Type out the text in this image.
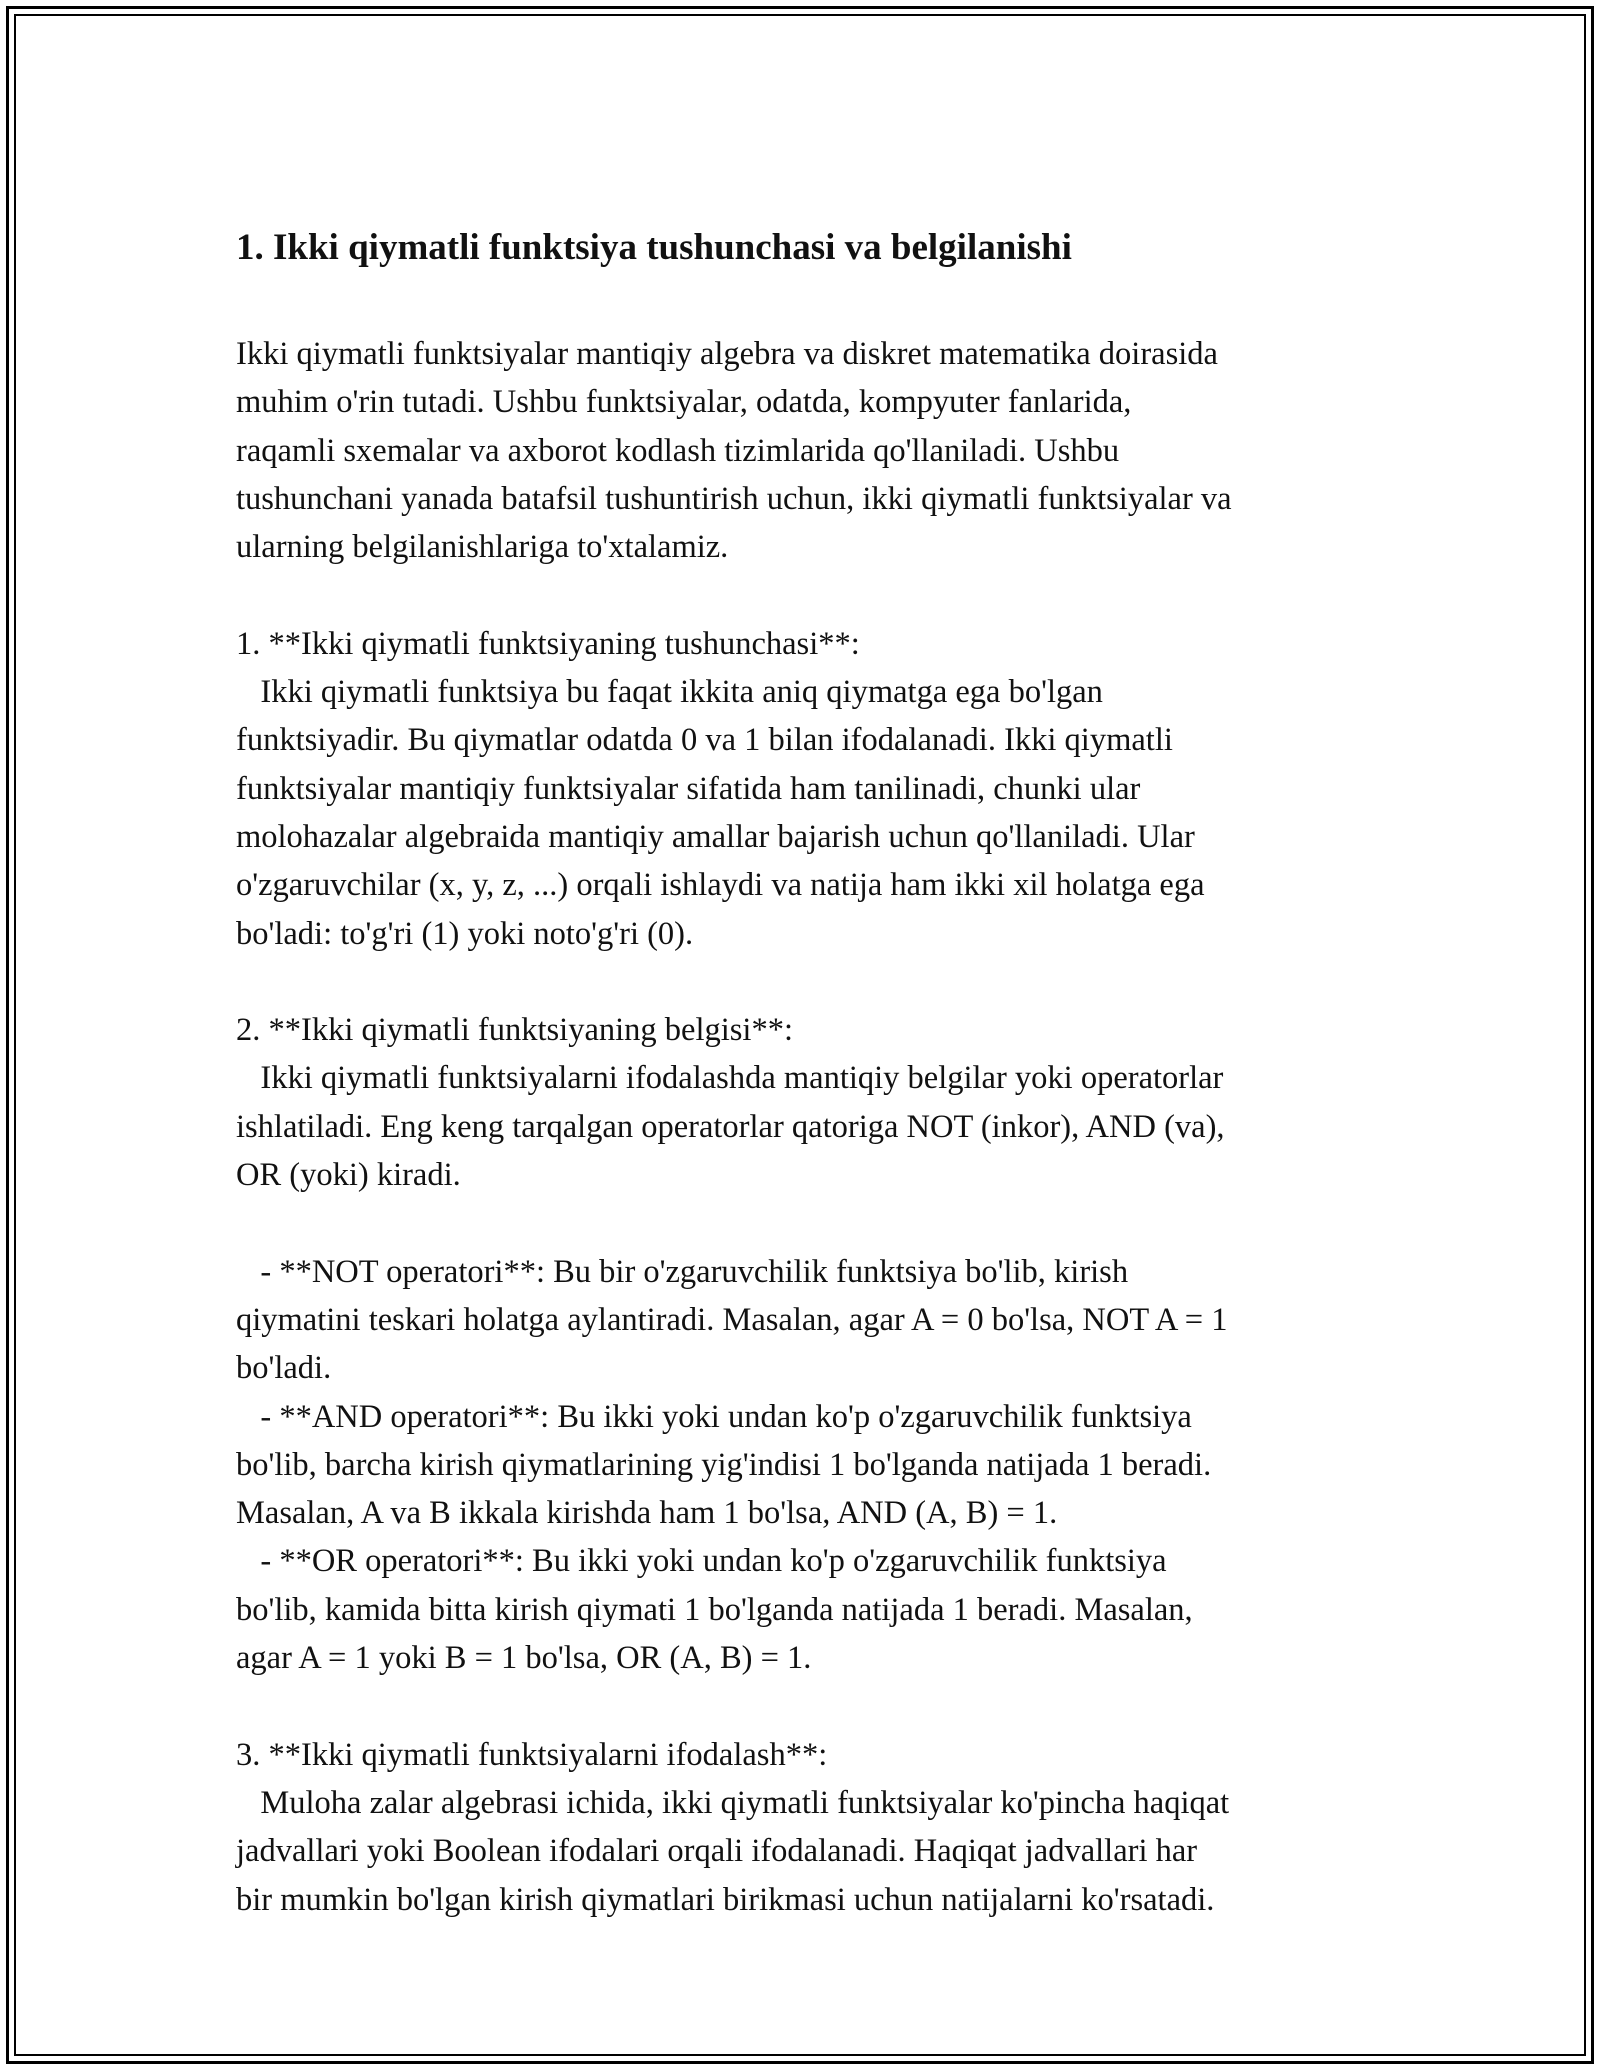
1. Ikki qiymatli funktsiya tushunchasi va belgilanishi

Ikki qiymatli funktsiyalar mantiqiy algebra va diskret matematika doirasida
muhim o'rin tutadi. Ushbu funktsiyalar, odatda, kompyuter fanlarida,
raqamli sxemalar va axborot kodlash tizimlarida qo'llaniladi. Ushbu
tushunchani yanada batafsil tushuntirish uchun, ikki qiymatli funktsiyalar va
ularning belgilanishlariga to'xtalamiz.

1. **Ikki qiymatli funktsiyaning tushunchasi**:
Ikki qiymatli funktsiya bu faqat ikkita aniq qiymatga ega bo'lgan
funktsiyadir. Bu qiymatlar odatda 0 va 1 bilan ifodalanadi. Ikki qiymatli
funktsiyalar mantiqiy funktsiyalar sifatida ham tanilinadi, chunki ular
molohazalar algebraida mantiqiy amallar bajarish uchun qo'llaniladi. Ular
o'zgaruvchilar (x, y, z, ...) orqali ishlaydi va natija ham ikki xil holatga ega
bo'ladi: to'g'ri (1) yoki noto'g'ri (0).

2. **Ikki qiymatli funktsiyaning belgisi**:
Ikki qiymatli funktsiyalarni ifodalashda mantiqiy belgilar yoki operatorlar
ishlatiladi. Eng keng tarqalgan operatorlar qatoriga NOT (inkor), AND (va),
OR (yoki) kiradi.

- **NOT operatori**: Bu bir o'zgaruvchilik funktsiya bo'lib, kirish
qiymatini teskari holatga aylantiradi. Masalan, agar A = 0 bo'lsa, NOT A = 1
bo'ladi.
- **AND operatori**: Bu ikki yoki undan ko'p o'zgaruvchilik funktsiya
bo'lib, barcha kirish qiymatlarining yig'indisi 1 bo'lganda natijada 1 beradi.
Masalan, A va B ikkala kirishda ham 1 bo'lsa, AND (A, B) = 1.
- **OR operatori**: Bu ikki yoki undan ko'p o'zgaruvchilik funktsiya
bo'lib, kamida bitta kirish qiymati 1 bo'lganda natijada 1 beradi. Masalan,
agar A = 1 yoki B = 1 bo'lsa, OR (A, B) = 1.

3. **Ikki qiymatli funktsiyalarni ifodalash**:
Muloha zalar algebrasi ichida, ikki qiymatli funktsiyalar ko'pincha haqiqat
jadvallari yoki Boolean ifodalari orqali ifodalanadi. Haqiqat jadvallari har
bir mumkin bo'lgan kirish qiymatlari birikmasi uchun natijalarni ko'rsatadi.
